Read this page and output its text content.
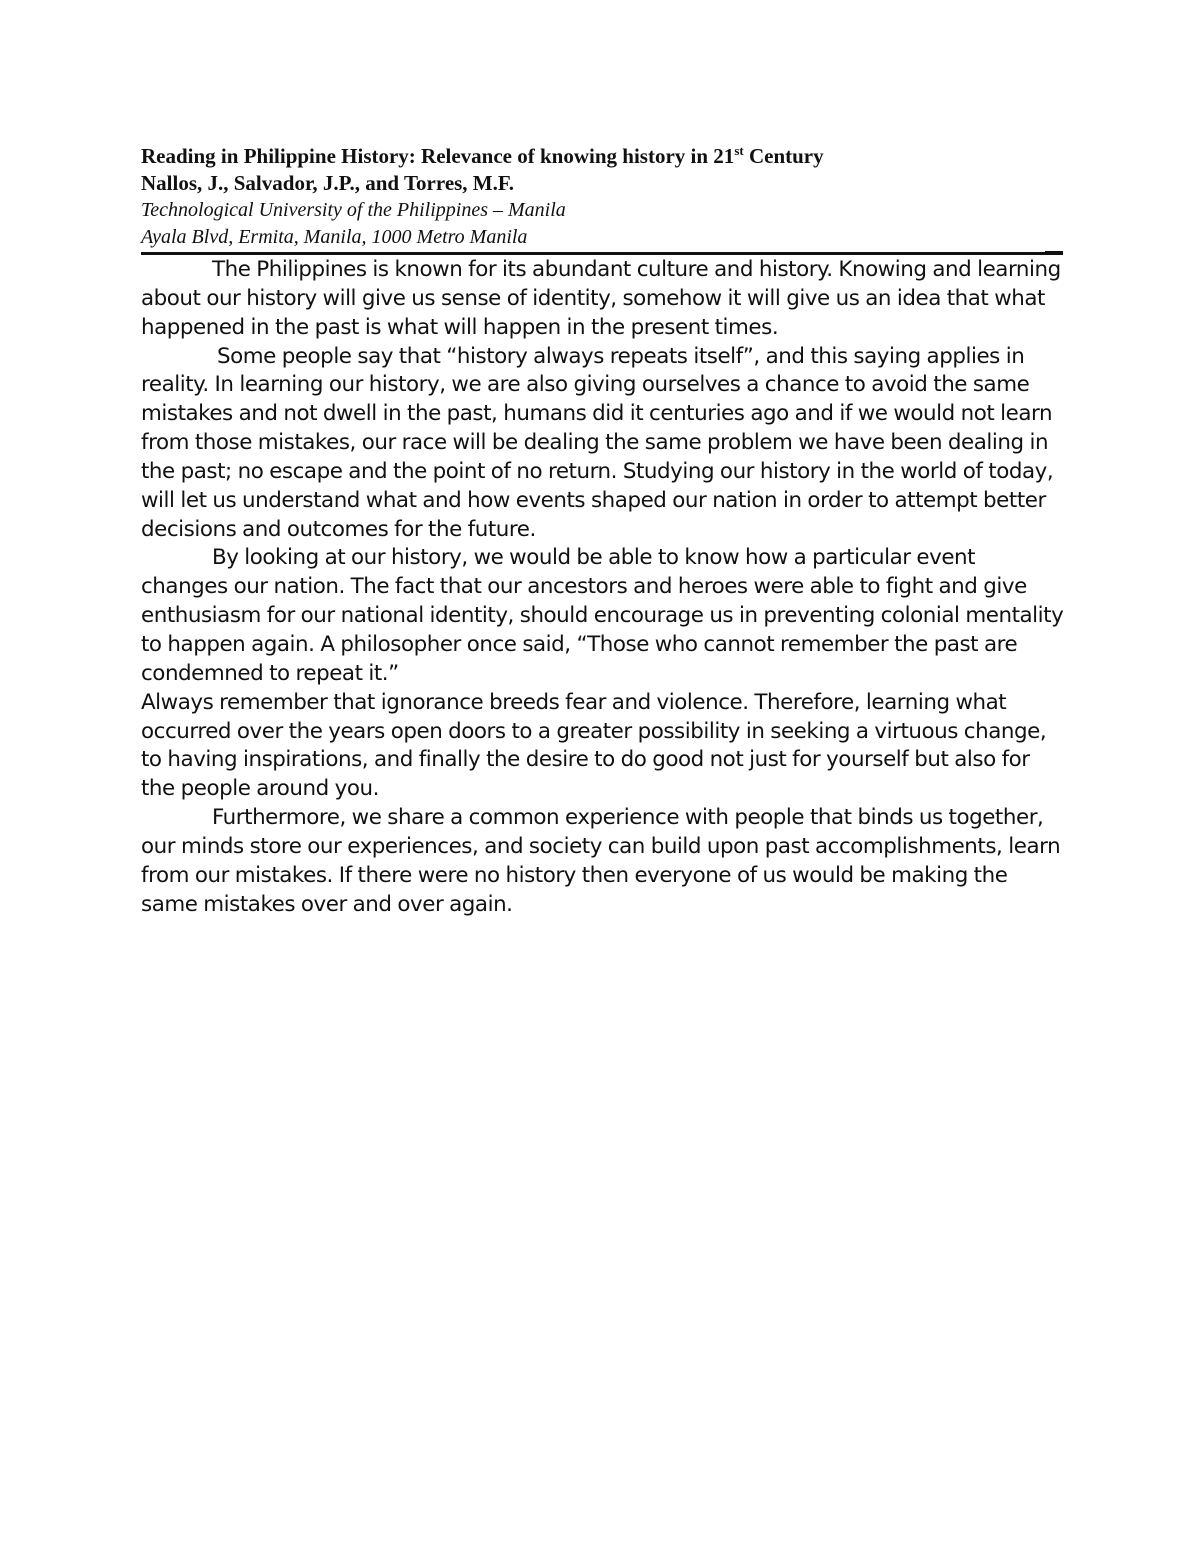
Reading in Philippine History: Relevance of knowing history in 21st Century
Nallos, J., Salvador, J.P., and Torres, M.F.
Technological University of the Philippines – Manila
Ayala Blvd, Ermita, Manila, 1000 Metro Manila

The Philippines is known for its abundant culture and history. Knowing and learning about our history will give us sense of identity, somehow it will give us an idea that what happened in the past is what will happen in the present times.

Some people say that “history always repeats itself”, and this saying applies in reality. In learning our history, we are also giving ourselves a chance to avoid the same mistakes and not dwell in the past, humans did it centuries ago and if we would not learn from those mistakes, our race will be dealing the same problem we have been dealing in the past; no escape and the point of no return. Studying our history in the world of today, will let us understand what and how events shaped our nation in order to attempt better decisions and outcomes for the future.

By looking at our history, we would be able to know how a particular event changes our nation. The fact that our ancestors and heroes were able to fight and give enthusiasm for our national identity, should encourage us in preventing colonial mentality to happen again. A philosopher once said, “Those who cannot remember the past are condemned to repeat it.”

Always remember that ignorance breeds fear and violence. Therefore, learning what occurred over the years open doors to a greater possibility in seeking a virtuous change, to having inspirations, and finally the desire to do good not just for yourself but also for the people around you.

Furthermore, we share a common experience with people that binds us together, our minds store our experiences, and society can build upon past accomplishments, learn from our mistakes. If there were no history then everyone of us would be making the same mistakes over and over again.
